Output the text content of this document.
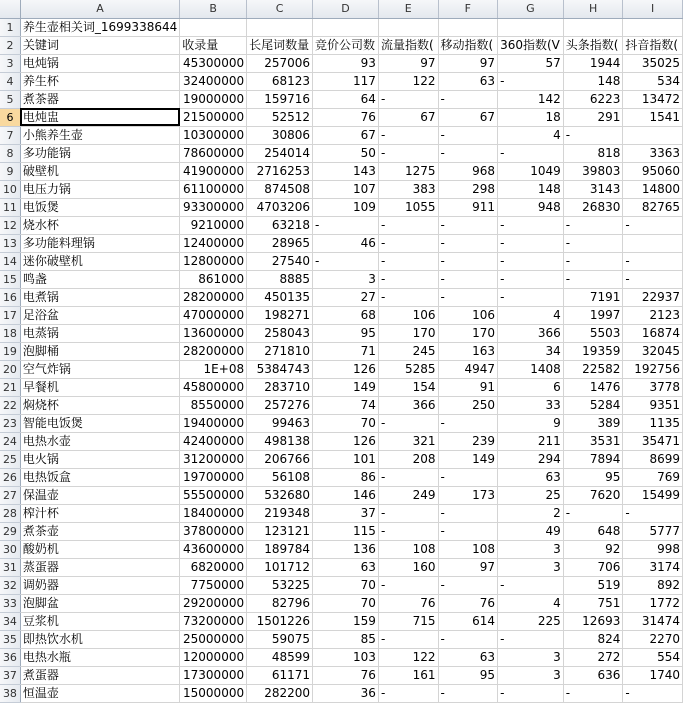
	A	B	C	D	E	F	G	H	I
1	养生壶相关词_1699338644								
2	关键词	收录量	长尾词数量	竞价公司数	流量指数(	移动指数(	360指数(V	头条指数(	抖音指数(
3	电炖锅	45300000	257006	93	97	97	57	1944	35025
4	养生杯	32400000	68123	117	122	63	-	148	534
5	煮茶器	19000000	159716	64	-	-	142	6223	13472
6	电炖盅	21500000	52512	76	67	67	18	291	1541
7	小熊养生壶	10300000	30806	67	-	-	4	-	
8	多功能锅	78600000	254014	50	-	-	-	818	3363
9	破壁机	41900000	2716253	143	1275	968	1049	39803	95060
10	电压力锅	61100000	874508	107	383	298	148	3143	14800
11	电饭煲	93300000	4703206	109	1055	911	948	26830	82765
12	烧水杯	9210000	63218	-	-	-	-	-	-
13	多功能料理锅	12400000	28965	46	-	-	-	-	
14	迷你破壁机	12800000	27540	-	-	-	-	-	-
15	鸣盏	861000	8885	3	-	-	-	-	-
16	电煮锅	28200000	450135	27	-	-	-	7191	22937
17	足浴盆	47000000	198271	68	106	106	4	1997	2123
18	电蒸锅	13600000	258043	95	170	170	366	5503	16874
19	泡脚桶	28200000	271810	71	245	163	34	19359	32045
20	空气炸锅	1E+08	5384743	126	5285	4947	1408	22582	192756
21	早餐机	45800000	283710	149	154	91	6	1476	3778
22	焖烧杯	8550000	257276	74	366	250	33	5284	9351
23	智能电饭煲	19400000	99463	70	-	-	9	389	1135
24	电热水壶	42400000	498138	126	321	239	211	3531	35471
25	电火锅	31200000	206766	101	208	149	294	7894	8699
26	电热饭盒	19700000	56108	86	-	-	63	95	769
27	保温壶	55500000	532680	146	249	173	25	7620	15499
28	榨汁杯	18400000	219348	37	-	-	2	-	-
29	煮茶壶	37800000	123121	115	-	-	49	648	5777
30	酸奶机	43600000	189784	136	108	108	3	92	998
31	蒸蛋器	6820000	101712	63	160	97	3	706	3174
32	调奶器	7750000	53225	70	-	-	-	519	892
33	泡脚盆	29200000	82796	70	76	76	4	751	1772
34	豆浆机	73200000	1501226	159	715	614	225	12693	31474
35	即热饮水机	25000000	59075	85	-	-	-	824	2270
36	电热水瓶	12000000	48599	103	122	63	3	272	554
37	煮蛋器	17300000	61171	76	161	95	3	636	1740
38	恒温壶	15000000	282200	36	-	-	-	-	-
